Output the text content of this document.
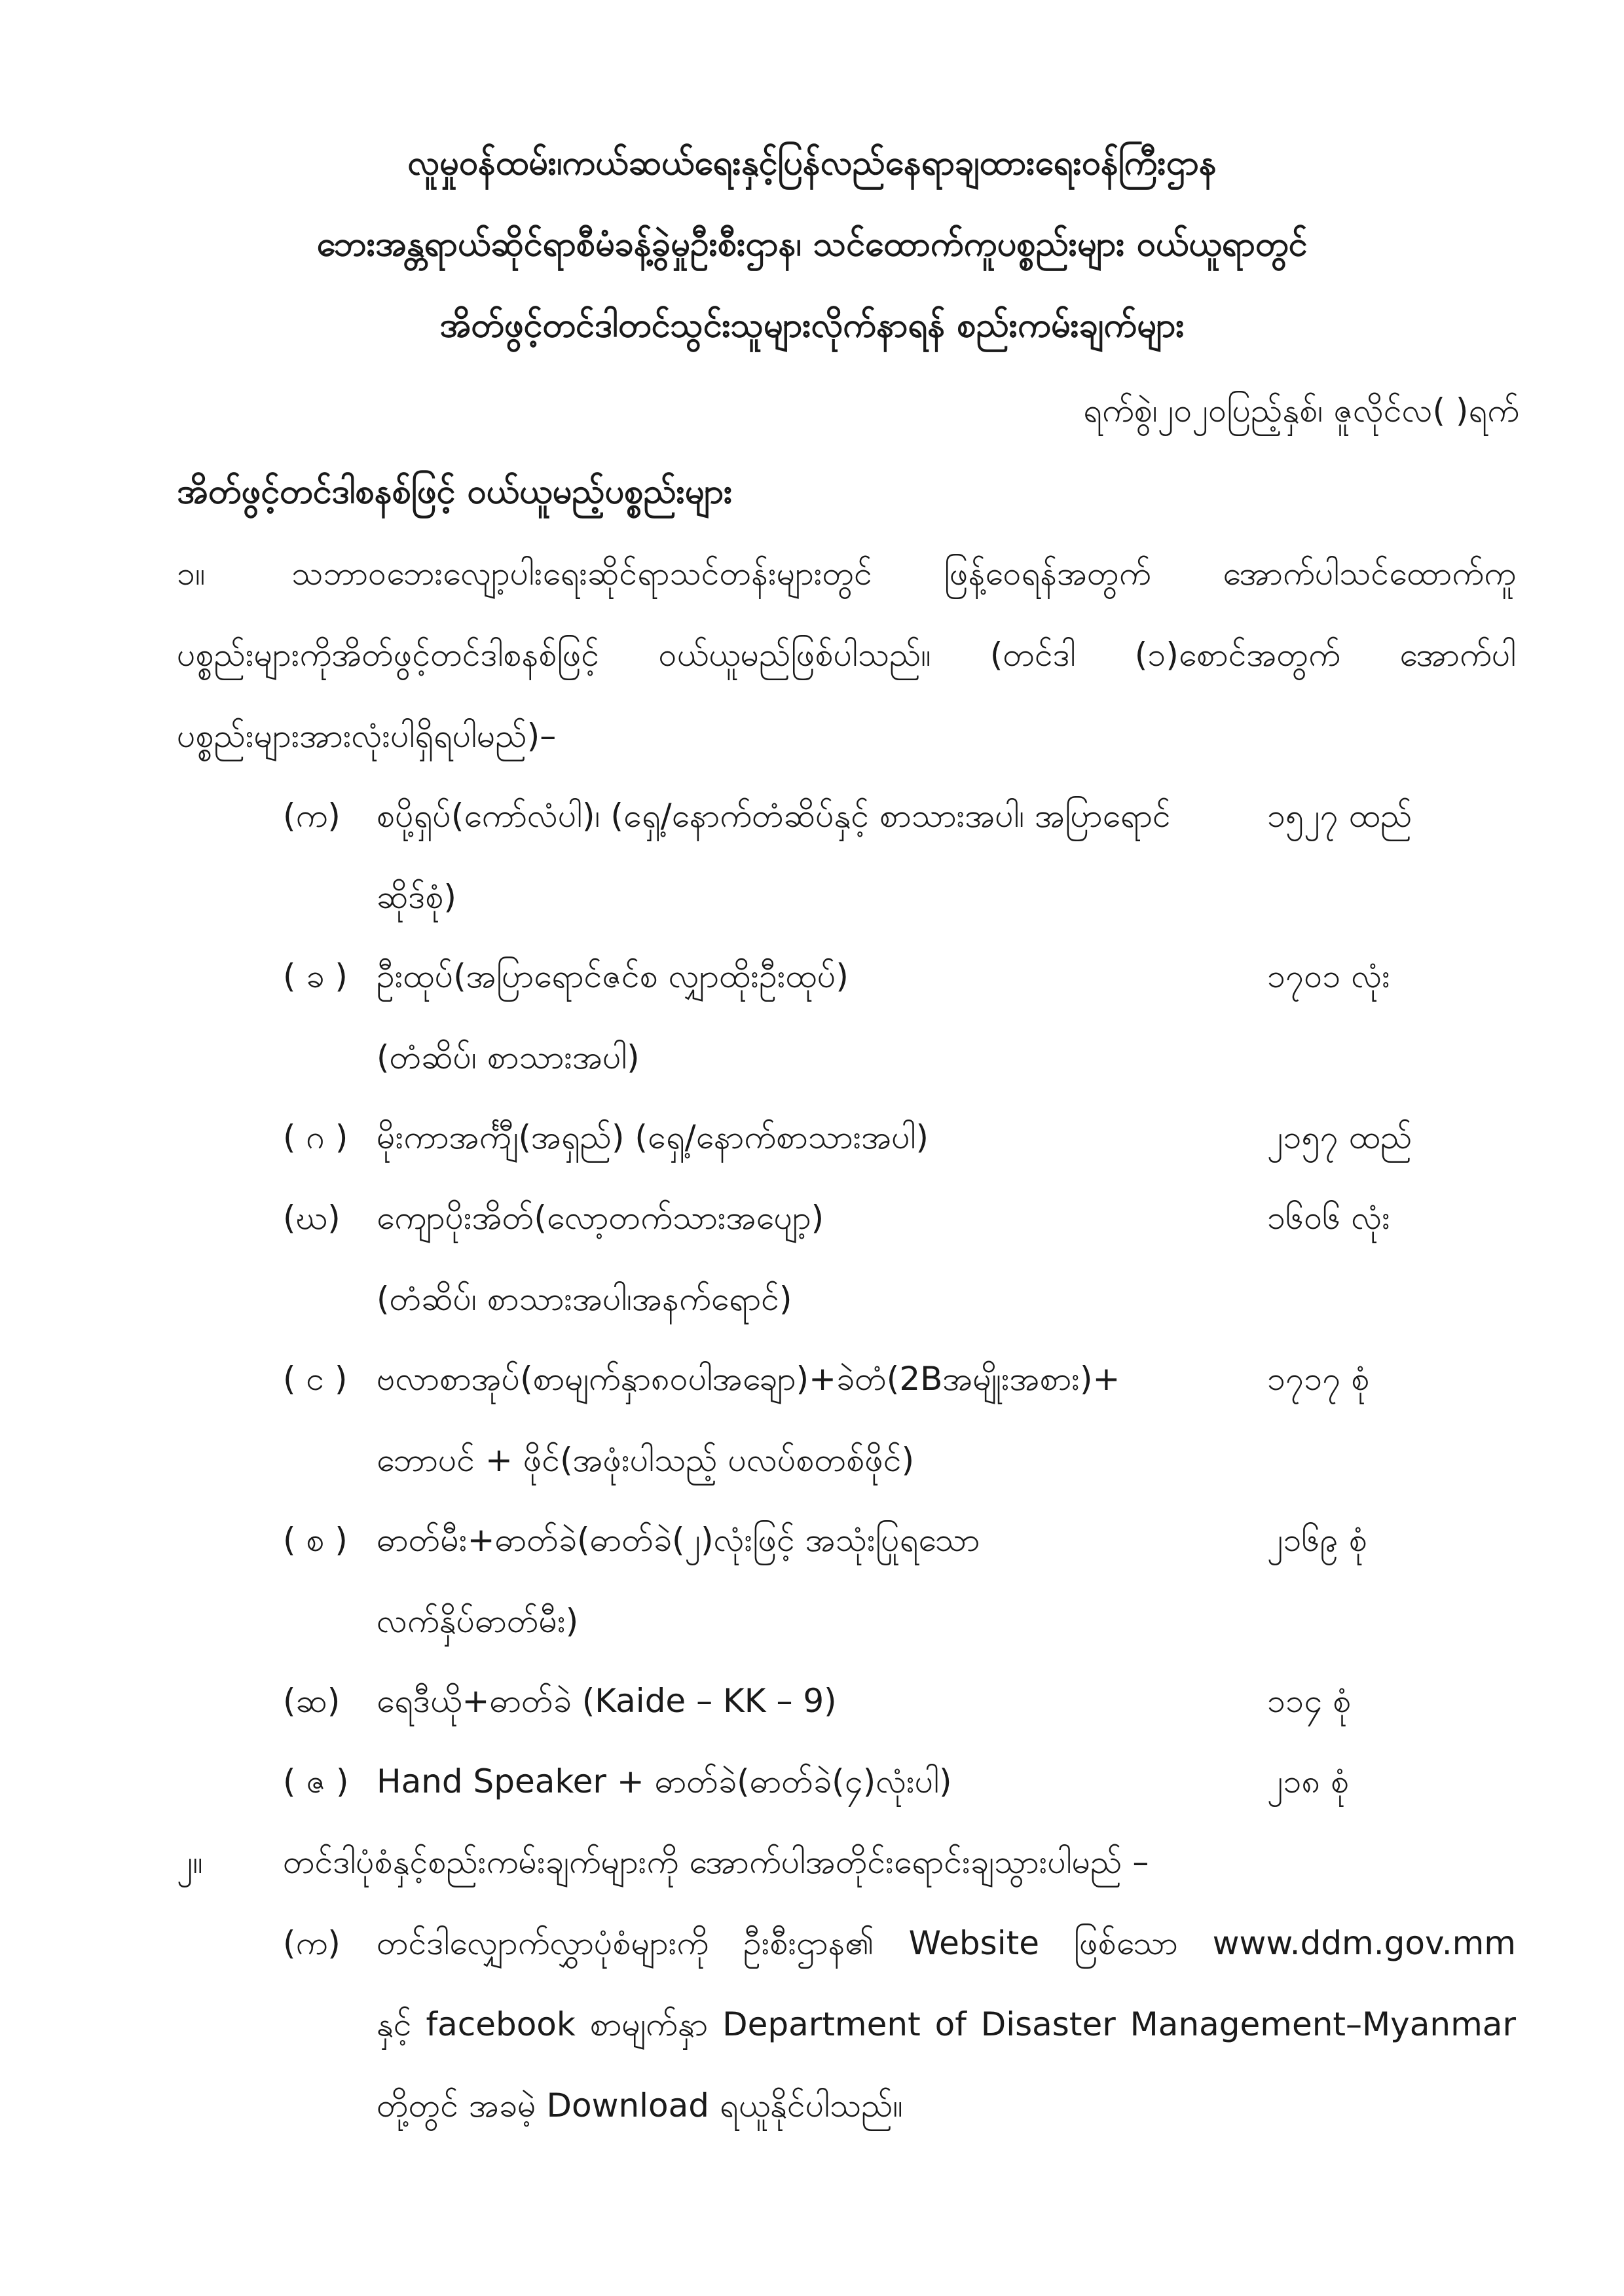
လူမှုဝန်ထမ်း၊ကယ်ဆယ်ရေးနှင့်ပြန်လည်နေရာချထားရေးဝန်ကြီးဌာန
ဘေးအန္တရာယ်ဆိုင်ရာစီမံခန့်ခွဲမှုဦးစီးဌာန၊ သင်ထောက်ကူပစ္စည်းများ ဝယ်ယူရာတွင်
အိတ်ဖွင့်တင်ဒါတင်သွင်းသူများလိုက်နာရန် စည်းကမ်းချက်များ
ရက်စွဲ၊၂၀၂၀ပြည့်နှစ်၊ ဇူလိုင်လ( )ရက်
အိတ်ဖွင့်တင်ဒါစနစ်ဖြင့် ဝယ်ယူမည့်ပစ္စည်းများ
၁။	သဘာဝဘေးလျော့ပါးရေးဆိုင်ရာသင်တန်းများတွင် ဖြန့်ဝေရန်အတွက် အောက်ပါသင်ထောက်ကူ
ပစ္စည်းများကိုအိတ်ဖွင့်တင်ဒါစနစ်ဖြင့် ဝယ်ယူမည်ဖြစ်ပါသည်။ (တင်ဒါ (၁)စောင်အတွက် အောက်ပါ
ပစ္စည်းများအားလုံးပါရှိရပါမည်)–
(က) စပို့ရှပ်(ကော်လံပါ)၊ (ရှေ့/နောက်တံဆိပ်နှင့် စာသားအပါ၊ အပြာရောင်	၁၅၂၇ ထည်
ဆိုဒ်စုံ)
( ခ ) ဦးထုပ်(အပြာရောင်ဇင်စ လျှာထိုးဦးထုပ်)	၁၇၀၁ လုံး
(တံဆိပ်၊ စာသားအပါ)
( ဂ ) မိုးကာအင်္ကျီ(အရှည်) (ရှေ့/နောက်စာသားအပါ)	၂၁၅၇ ထည်
(ဃ) ကျောပိုးအိတ်(လော့တက်သားအပျော့)	၁၆၀၆ လုံး
(တံဆိပ်၊ စာသားအပါ၊အနက်ရောင်)
( င ) ဗလာစာအုပ်(စာမျက်နှာ၈၀ပါအချော)+ခဲတံ(2Bအမျိုးအစား)+	၁၇၁၇ စုံ
ဘောပင် + ဖိုင်(အဖုံးပါသည့် ပလပ်စတစ်ဖိုင်)
( စ ) ဓာတ်မီး+ဓာတ်ခဲ(ဓာတ်ခဲ(၂)လုံးဖြင့် အသုံးပြုရသော	၂၁၆၉ စုံ
လက်နှိပ်ဓာတ်မီး)
(ဆ) ရေဒီယို+ဓာတ်ခဲ (Kaide – KK – 9)	၁၁၄ စုံ
( ဇ ) Hand Speaker + ဓာတ်ခဲ(ဓာတ်ခဲ(၄)လုံးပါ)	၂၁၈ စုံ
၂။ တင်ဒါပုံစံနှင့်စည်းကမ်းချက်များကို အောက်ပါအတိုင်းရောင်းချသွားပါမည် –
(က) တင်ဒါလျှောက်လွှာပုံစံများကို ဦးစီးဌာန၏ Website ဖြစ်သော www.ddm.gov.mm
နှင့် facebook စာမျက်နှာ Department of Disaster Management–Myanmar
တို့တွင် အခမဲ့ Download ရယူနိုင်ပါသည်။
